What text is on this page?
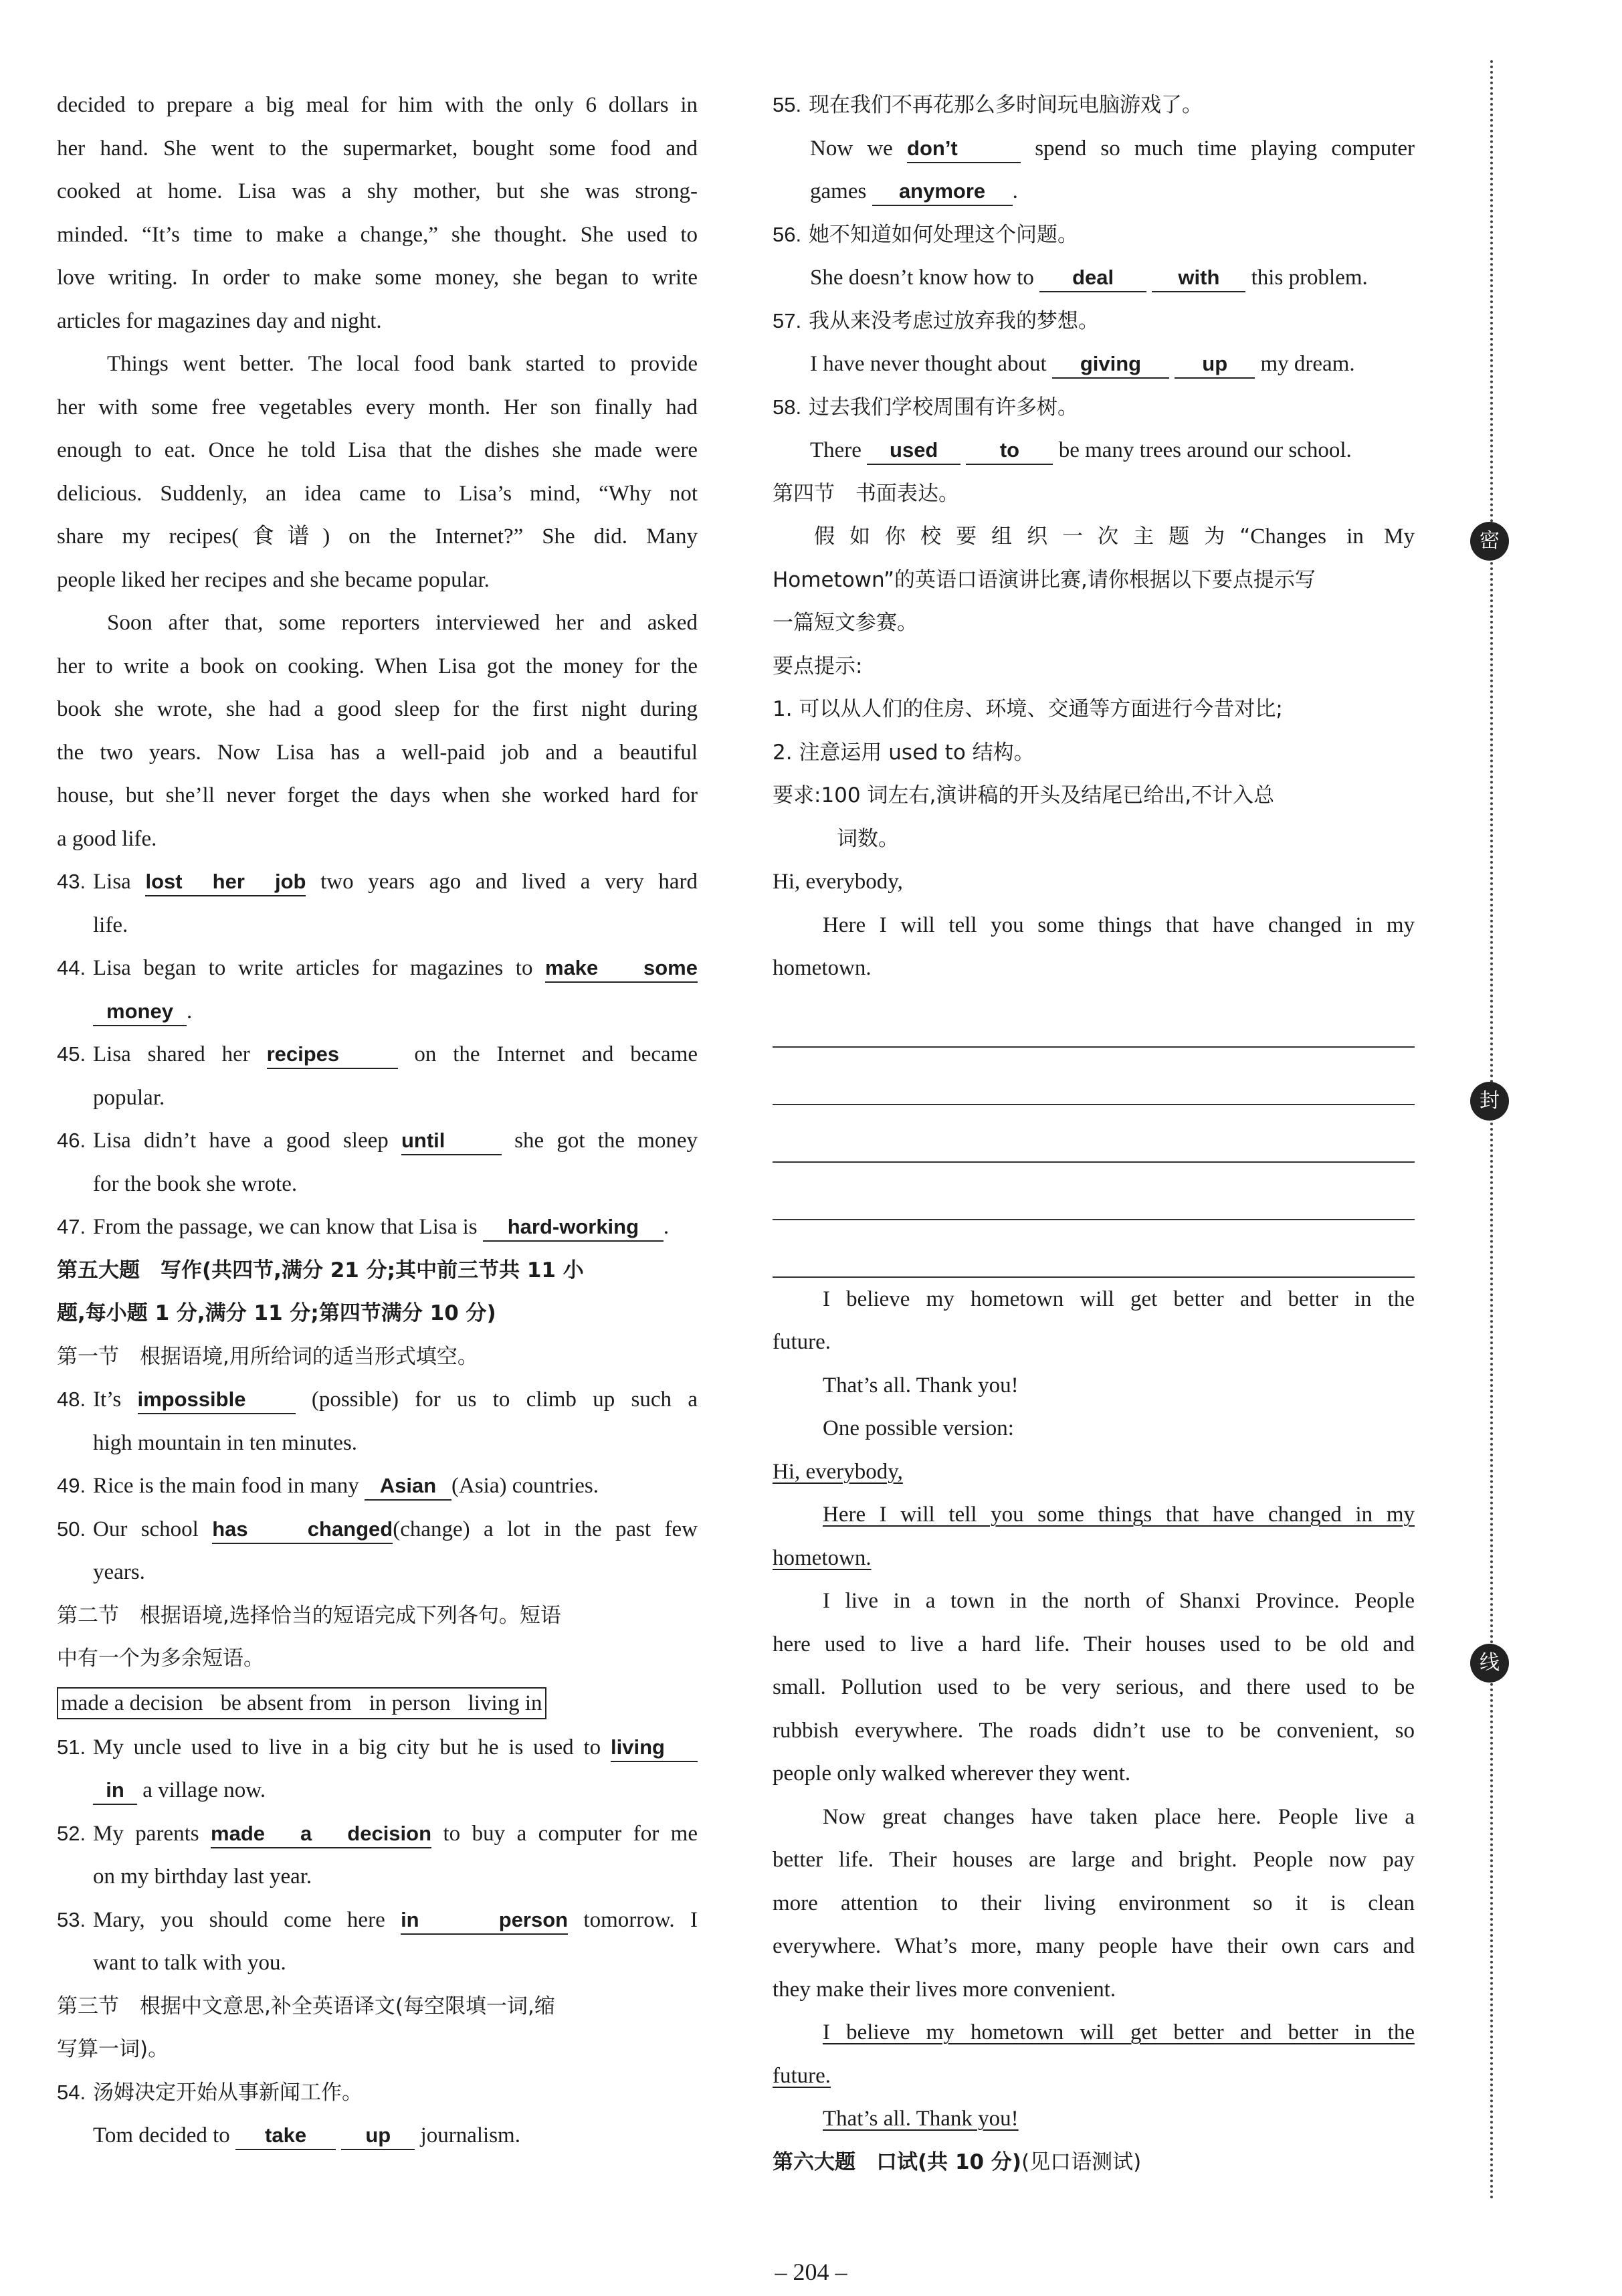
decided to prepare a big meal for him with the only 6 dollars in

her hand. She went to the supermarket, bought some food and

cooked at home. Lisa was a shy mother, but she was strong-

minded. “It’s time to make a change,” she thought. She used to

love writing. In order to make some money, she began to write

articles for magazines day and night.

Things went better. The local food bank started to provide

her with some free vegetables every month. Her son finally had

enough to eat. Once he told Lisa that the dishes she made were

delicious. Suddenly, an idea came to Lisa’s mind, “Why not

share my recipes(食谱) on the Internet?” She did. Many

people liked her recipes and she became popular.

Soon after that, some reporters interviewed her and asked

her to write a book on cooking. When Lisa got the money for the

book she wrote, she had a good sleep for the first night during

the two years. Now Lisa has a well-paid job and a beautiful

house, but she’ll never forget the days when she worked hard for

a good life.

43. Lisa lost her job two years ago and lived a very hard

life.

44. Lisa began to write articles for magazines to make some

money .

45. Lisa shared her recipes	on the Internet and became

popular.

46. Lisa didn’t have a good sleep until	she got the money

for the book she wrote.

47. From the passage, we can know that Lisa is hard-working .

第五大题　写作(共四节,满分 21 分;其中前三节共 11 小

题,每小题 1 分,满分 11 分;第四节满分 10 分)

第一节　根据语境,用所给词的适当形式填空。

48. It’s impossible	(possible) for us to climb up such a

high mountain in ten minutes.

49. Rice is the main food in many Asian (Asia) countries.

50. Our school has changed(change) a lot in the past few

years.

第二节　根据语境,选择恰当的短语完成下列各句。短语

中有一个为多余短语。

made a decision be absent from in person living in

51. My uncle used to live in a big city but he is used to living

in a village now.

52. My parents made a decision to buy a computer for me

on my birthday last year.

53. Mary, you should come here in person tomorrow. I

want to talk with you.

第三节　根据中文意思,补全英语译文(每空限填一词,缩

写算一词)。

54. 汤姆决定开始从事新闻工作。

Tom decided to take	up journalism.

55. 现在我们不再花那么多时间玩电脑游戏了。

Now we don’t	spend so much time playing computer

games anymore .

56. 她不知道如何处理这个问题。

She doesn’t know how to deal	with this problem.

57. 我从来没考虑过放弃我的梦想。

I have never thought about giving	up my dream.

58. 过去我们学校周围有许多树。

There used	to be many trees around our school.

第四节　书面表达。

假如你校要组织一次主题为“Changes in My

Hometown”的英语口语演讲比赛,请你根据以下要点提示写

一篇短文参赛。

要点提示:

1. 可以从人们的住房、环境、交通等方面进行今昔对比;

2. 注意运用 used to 结构。

要求:100 词左右,演讲稿的开头及结尾已给出,不计入总

词数。

Hi, everybody,

Here I will tell you some things that have changed in my

hometown.

I believe my hometown will get better and better in the

future.

That’s all. Thank you!

One possible version:

Hi, everybody,

Here I will tell you some things that have changed in my

hometown.

I live in a town in the north of Shanxi Province. People

here used to live a hard life. Their houses used to be old and

small. Pollution used to be very serious, and there used to be

rubbish everywhere. The roads didn’t use to be convenient, so

people only walked wherever they went.

Now great changes have taken place here. People live a

better life. Their houses are large and bright. People now pay

more attention to their living environment so it is clean

everywhere. What’s more, many people have their own cars and

they make their lives more convenient.

I believe my hometown will get better and better in the

future.

That’s all. Thank you!

第六大题　口试(共 10 分)(见口语测试)

密
封
线
– 204 –
